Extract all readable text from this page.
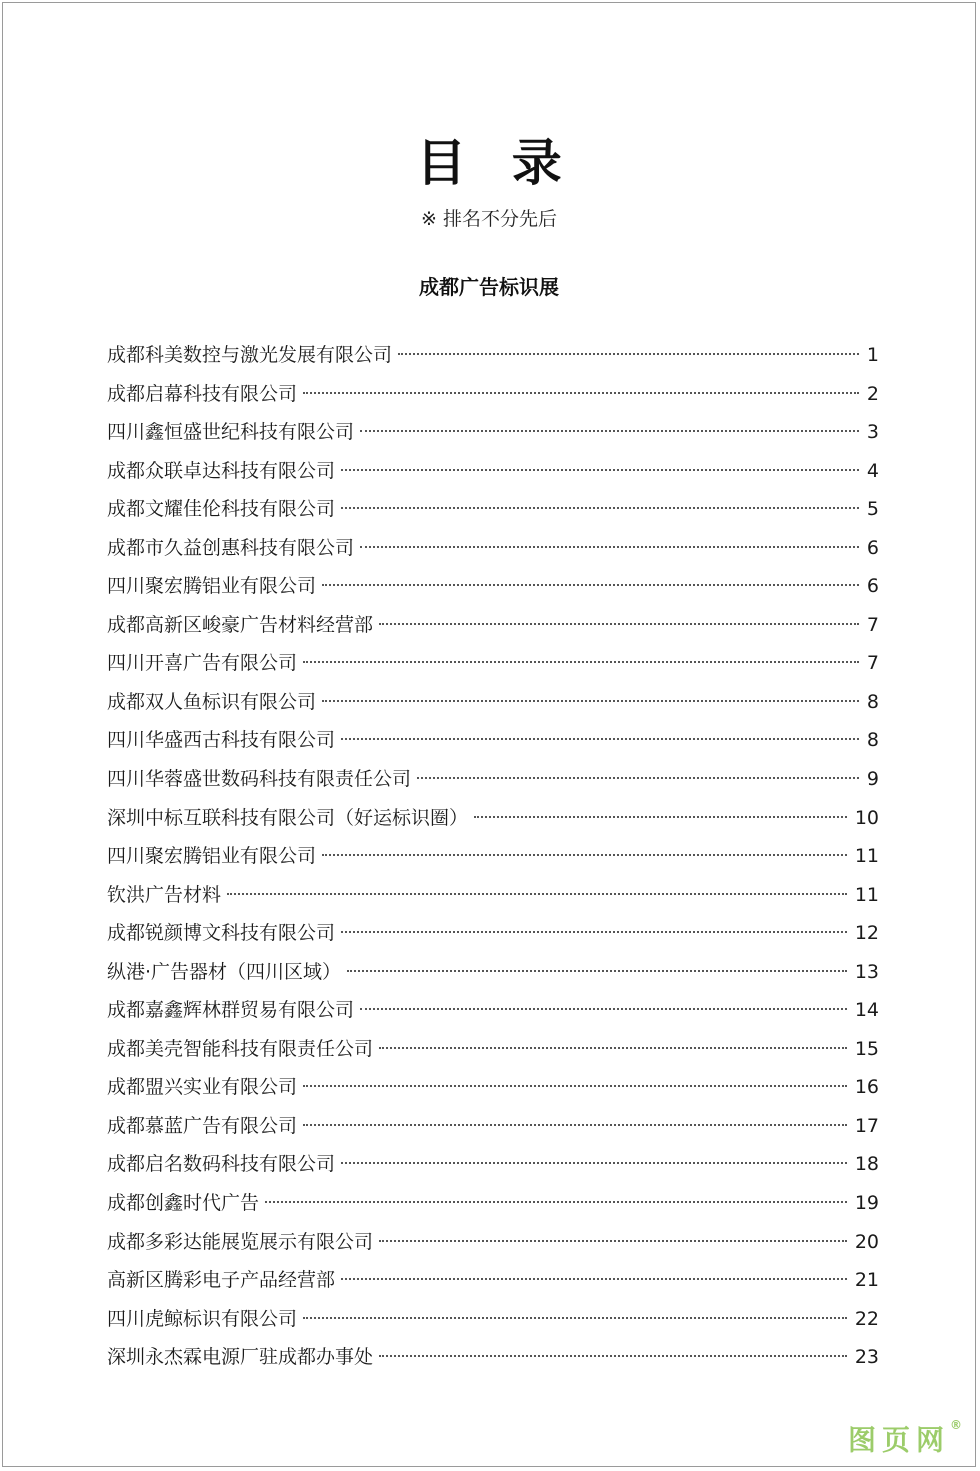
目 录
※ 排名不分先后
成都广告标识展
成都科美数控与激光发展有限公司	1
成都启幕科技有限公司	2
四川鑫恒盛世纪科技有限公司	3
成都众联卓达科技有限公司	4
成都文耀佳伦科技有限公司	5
成都市久益创惠科技有限公司	6
四川聚宏腾铝业有限公司	6
成都高新区峻豪广告材料经营部	7
四川开喜广告有限公司	7
成都双人鱼标识有限公司	8
四川华盛西古科技有限公司	8
四川华蓉盛世数码科技有限责任公司	9
深圳中标互联科技有限公司（好运标识圈）	10
四川聚宏腾铝业有限公司	11
钦洪广告材料	11
成都锐颜博文科技有限公司	12
纵港·广告器材（四川区域）	13
成都嘉鑫辉林群贸易有限公司	14
成都美壳智能科技有限责任公司	15
成都盟兴实业有限公司	16
成都慕蓝广告有限公司	17
成都启名数码科技有限公司	18
成都创鑫时代广告	19
成都多彩达能展览展示有限公司	20
高新区腾彩电子产品经营部	21
四川虎鲸标识有限公司	22
深圳永杰霖电源厂驻成都办事处	23
图页网®
